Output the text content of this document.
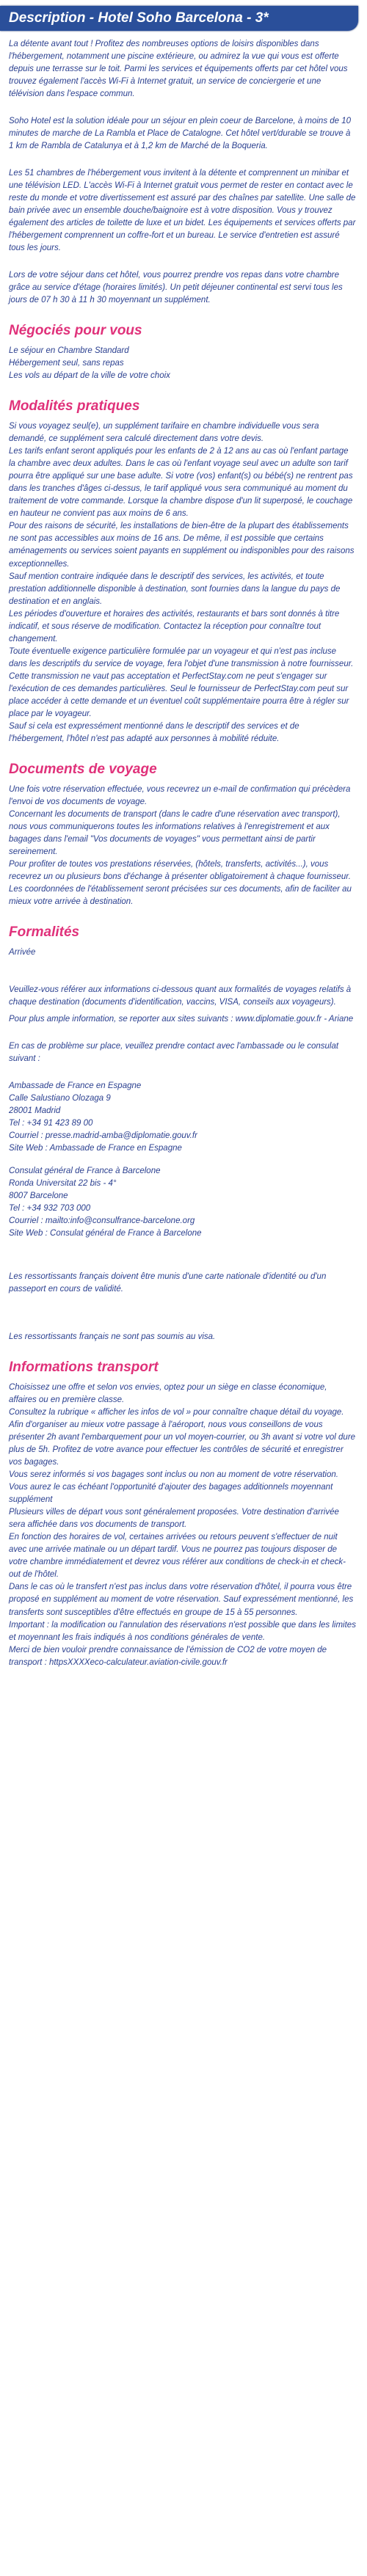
Description - Hotel Soho Barcelona - 3*

La détente avant tout ! Profitez des nombreuses options de loisirs disponibles dans l'hébergement, notamment une piscine extérieure, ou admirez la vue qui vous est offerte depuis une terrasse sur le toit. Parmi les services et équipements offerts par cet hôtel vous trouvez également l'accès Wi-Fi à Internet gratuit, un service de conciergerie et une télévision dans l'espace commun.

Soho Hotel est la solution idéale pour un séjour en plein coeur de Barcelone, à moins de 10 minutes de marche de La Rambla et Place de Catalogne. Cet hôtel vert/durable se trouve à 1 km de Rambla de Catalunya et à 1,2 km de Marché de la Boqueria.

Les 51 chambres de l'hébergement vous invitent à la détente et comprennent un minibar et une télévision LED. L'accès Wi-Fi à Internet gratuit vous permet de rester en contact avec le reste du monde et votre divertissement est assuré par des chaînes par satellite. Une salle de bain privée avec un ensemble douche/baignoire est à votre disposition. Vous y trouvez également des articles de toilette de luxe et un bidet. Les équipements et services offerts par l'hébergement comprennent un coffre-fort et un bureau. Le service d'entretien est assuré tous les jours.

Lors de votre séjour dans cet hôtel, vous pourrez prendre vos repas dans votre chambre grâce au service d'étage (horaires limités). Un petit déjeuner continental est servi tous les jours de 07 h 30 à 11 h 30 moyennant un supplément.

Négociés pour vous

Le séjour en Chambre Standard

Hébergement seul, sans repas

Les vols au départ de la ville de votre choix

Modalités pratiques

Si vous voyagez seul(e), un supplément tarifaire en chambre individuelle vous sera demandé, ce supplément sera calculé directement dans votre devis.

Les tarifs enfant seront appliqués pour les enfants de 2 à 12 ans au cas où l'enfant partage la chambre avec deux adultes. Dans le cas où l'enfant voyage seul avec un adulte son tarif pourra être appliqué sur une base adulte. Si votre (vos) enfant(s) ou bébé(s) ne rentrent pas dans les tranches d'âges ci-dessus, le tarif appliqué vous sera communiqué au moment du traitement de votre commande. Lorsque la chambre dispose d'un lit superposé, le couchage en hauteur ne convient pas aux moins de 6 ans.

Pour des raisons de sécurité, les installations de bien-être de la plupart des établissements ne sont pas accessibles aux moins de 16 ans. De même, il est possible que certains aménagements ou services soient payants en supplément ou indisponibles pour des raisons exceptionnelles.

Sauf mention contraire indiquée dans le descriptif des services, les activités, et toute prestation additionnelle disponible à destination, sont fournies dans la langue du pays de destination et en anglais.

Les périodes d'ouverture et horaires des activités, restaurants et bars sont donnés à titre indicatif, et sous réserve de modification. Contactez la réception pour connaître tout changement.

Toute éventuelle exigence particulière formulée par un voyageur et qui n'est pas incluse dans les descriptifs du service de voyage, fera l'objet d'une transmission à notre fournisseur. Cette transmission ne vaut pas acceptation et PerfectStay.com ne peut s'engager sur l'exécution de ces demandes particulières. Seul le fournisseur de PerfectStay.com peut sur place accéder à cette demande et un éventuel coût supplémentaire pourra être à régler sur place par le voyageur.

Sauf si cela est expressément mentionné dans le descriptif des services et de l'hébergement, l'hôtel n'est pas adapté aux personnes à mobilité réduite.

Documents de voyage

Une fois votre réservation effectuée, vous recevrez un e-mail de confirmation qui précèdera l'envoi de vos documents de voyage.

Concernant les documents de transport (dans le cadre d'une réservation avec transport), nous vous communiquerons toutes les informations relatives à l'enregistrement et aux bagages dans l'email "Vos documents de voyages" vous permettant ainsi de partir sereinement.

Pour profiter de toutes vos prestations réservées, (hôtels, transferts, activités...), vous recevrez un ou plusieurs bons d'échange à présenter obligatoirement à chaque fournisseur.

Les coordonnées de l'établissement seront précisées sur ces documents, afin de faciliter au mieux votre arrivée à destination.

Formalités

Arrivée

Veuillez-vous référer aux informations ci-dessous quant aux formalités de voyages relatifs à chaque destination (documents d'identification, vaccins, VISA, conseils aux voyageurs).

Pour plus ample information, se reporter aux sites suivants : www.diplomatie.gouv.fr - Ariane

En cas de problème sur place, veuillez prendre contact avec l'ambassade ou le consulat suivant :

Ambassade de France en Espagne

Calle Salustiano Olozaga 9

28001 Madrid

Tel : +34 91 423 89 00

Courriel : presse.madrid-amba@diplomatie.gouv.fr

Site Web : Ambassade de France en Espagne

Consulat général de France à Barcelone

Ronda Universitat 22 bis - 4°

8007 Barcelone

Tel : +34 932 703 000

Courriel : mailto:info@consulfrance-barcelone.org

Site Web : Consulat général de France à Barcelone

Les ressortissants français doivent être munis d'une carte nationale d'identité ou d'un passeport en cours de validité.

Les ressortissants français ne sont pas soumis au visa.

Informations transport

Choisissez une offre et selon vos envies, optez pour un siège en classe économique, affaires ou en première classe.

Consultez la rubrique « afficher les infos de vol » pour connaître chaque détail du voyage.

Afin d'organiser au mieux votre passage à l'aéroport, nous vous conseillons de vous présenter 2h avant l'embarquement pour un vol moyen-courrier, ou 3h avant si votre vol dure plus de 5h. Profitez de votre avance pour effectuer les contrôles de sécurité et enregistrer vos bagages.

Vous serez informés si vos bagages sont inclus ou non au moment de votre réservation.

Vous aurez le cas échéant l'opportunité d'ajouter des bagages additionnels moyennant supplément

Plusieurs villes de départ vous sont généralement proposées. Votre destination d'arrivée sera affichée dans vos documents de transport.

En fonction des horaires de vol, certaines arrivées ou retours peuvent s'effectuer de nuit avec une arrivée matinale ou un départ tardif. Vous ne pourrez pas toujours disposer de votre chambre immédiatement et devrez vous référer aux conditions de check-in et check-out de l'hôtel.

Dans le cas où le transfert n'est pas inclus dans votre réservation d'hôtel, il pourra vous être proposé en supplément au moment de votre réservation. Sauf expressément mentionné, les transferts sont susceptibles d'être effectués en groupe de 15 à 55 personnes.

Important : la modification ou l'annulation des réservations n'est possible que dans les limites et moyennant les frais indiqués à nos conditions générales de vente.

Merci de bien vouloir prendre connaissance de l'émission de CO2 de votre moyen de transport : httpsXXXXeco-calculateur.aviation-civile.gouv.fr
